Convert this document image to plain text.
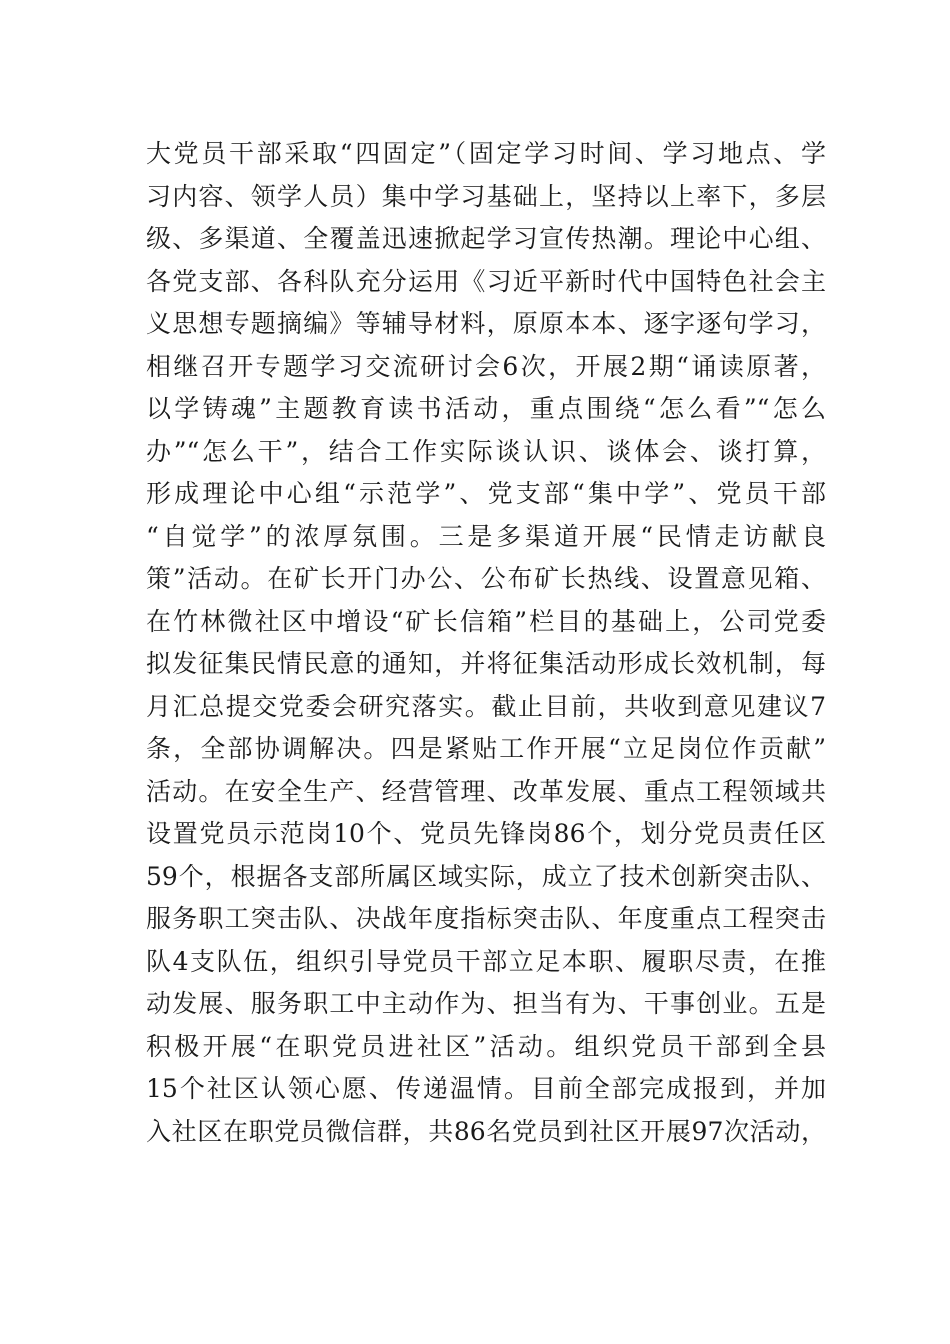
大党员干部采取“四固定”（固定学习时间、学习地点、学
习内容、领学人员）集中学习基础上，坚持以上率下，多层
级、多渠道、全覆盖迅速掀起学习宣传热潮。理论中心组、
各党支部、各科队充分运用《习近平新时代中国特色社会主
义思想专题摘编》等辅导材料，原原本本、逐字逐句学习，
相继召开专题学习交流研讨会6次，开展2期“诵读原著，
以学铸魂”主题教育读书活动，重点围绕“怎么看”“怎么
办”“怎么干”，结合工作实际谈认识、谈体会、谈打算，
形成理论中心组“示范学”、党支部“集中学”、党员干部
“自觉学”的浓厚氛围。三是多渠道开展“民情走访献良
策”活动。在矿长开门办公、公布矿长热线、设置意见箱、
在竹林微社区中增设“矿长信箱”栏目的基础上，公司党委
拟发征集民情民意的通知，并将征集活动形成长效机制，每
月汇总提交党委会研究落实。截止目前，共收到意见建议7
条，全部协调解决。四是紧贴工作开展“立足岗位作贡献”
活动。在安全生产、经营管理、改革发展、重点工程领域共
设置党员示范岗10个、党员先锋岗86个，划分党员责任区
59个，根据各支部所属区域实际，成立了技术创新突击队、
服务职工突击队、决战年度指标突击队、年度重点工程突击
队4支队伍，组织引导党员干部立足本职、履职尽责，在推
动发展、服务职工中主动作为、担当有为、干事创业。五是
积极开展“在职党员进社区”活动。组织党员干部到全县
15个社区认领心愿、传递温情。目前全部完成报到，并加
入社区在职党员微信群，共86名党员到社区开展97次活动，
